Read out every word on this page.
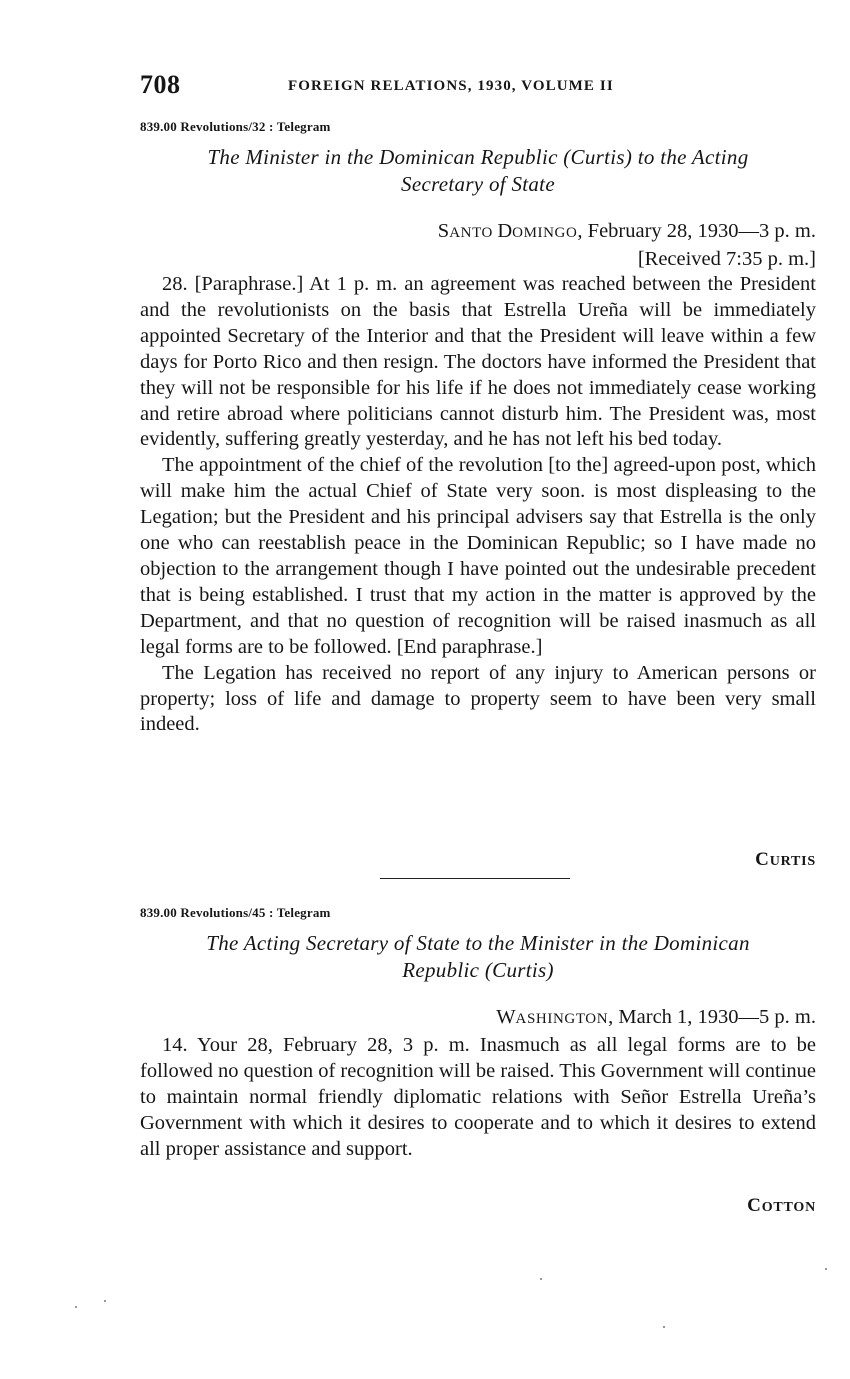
708	FOREIGN RELATIONS, 1930, VOLUME II
839.00 Revolutions/32 : Telegram
The Minister in the Dominican Republic (Curtis) to the Acting
Secretary of State
SANTO DOMINGO, February 28, 1930—3 p. m.
[Received 7:35 p. m.]

28. [Paraphrase.] At 1 p. m. an agreement was reached between the President and the revolutionists on the basis that Estrella Ureña will be immediately appointed Secretary of the Interior and that the President will leave within a few days for Porto Rico and then resign. The doctors have informed the President that they will not be responsible for his life if he does not immediately cease working and retire abroad where politicians cannot disturb him. The President was, most evidently, suffering greatly yesterday, and he has not left his bed today.

The appointment of the chief of the revolution [to the] agreed-upon post, which will make him the actual Chief of State very soon. is most displeasing to the Legation; but the President and his principal advisers say that Estrella is the only one who can reestablish peace in the Dominican Republic; so I have made no objection to the arrangement though I have pointed out the undesirable precedent that is being established. I trust that my action in the matter is approved by the Department, and that no question of recognition will be raised inasmuch as all legal forms are to be followed. [End paraphrase.]

The Legation has received no report of any injury to American persons or property; loss of life and damage to property seem to have been very small indeed.

CURTIS
839.00 Revolutions/45 : Telegram
The Acting Secretary of State to the Minister in the Dominican
Republic (Curtis)
WASHINGTON, March 1, 1930—5 p. m.

14. Your 28, February 28, 3 p. m. Inasmuch as all legal forms are to be followed no question of recognition will be raised. This Government will continue to maintain normal friendly diplomatic relations with Señor Estrella Ureña’s Government with which it desires to cooperate and to which it desires to extend all proper assistance and support.

COTTON
